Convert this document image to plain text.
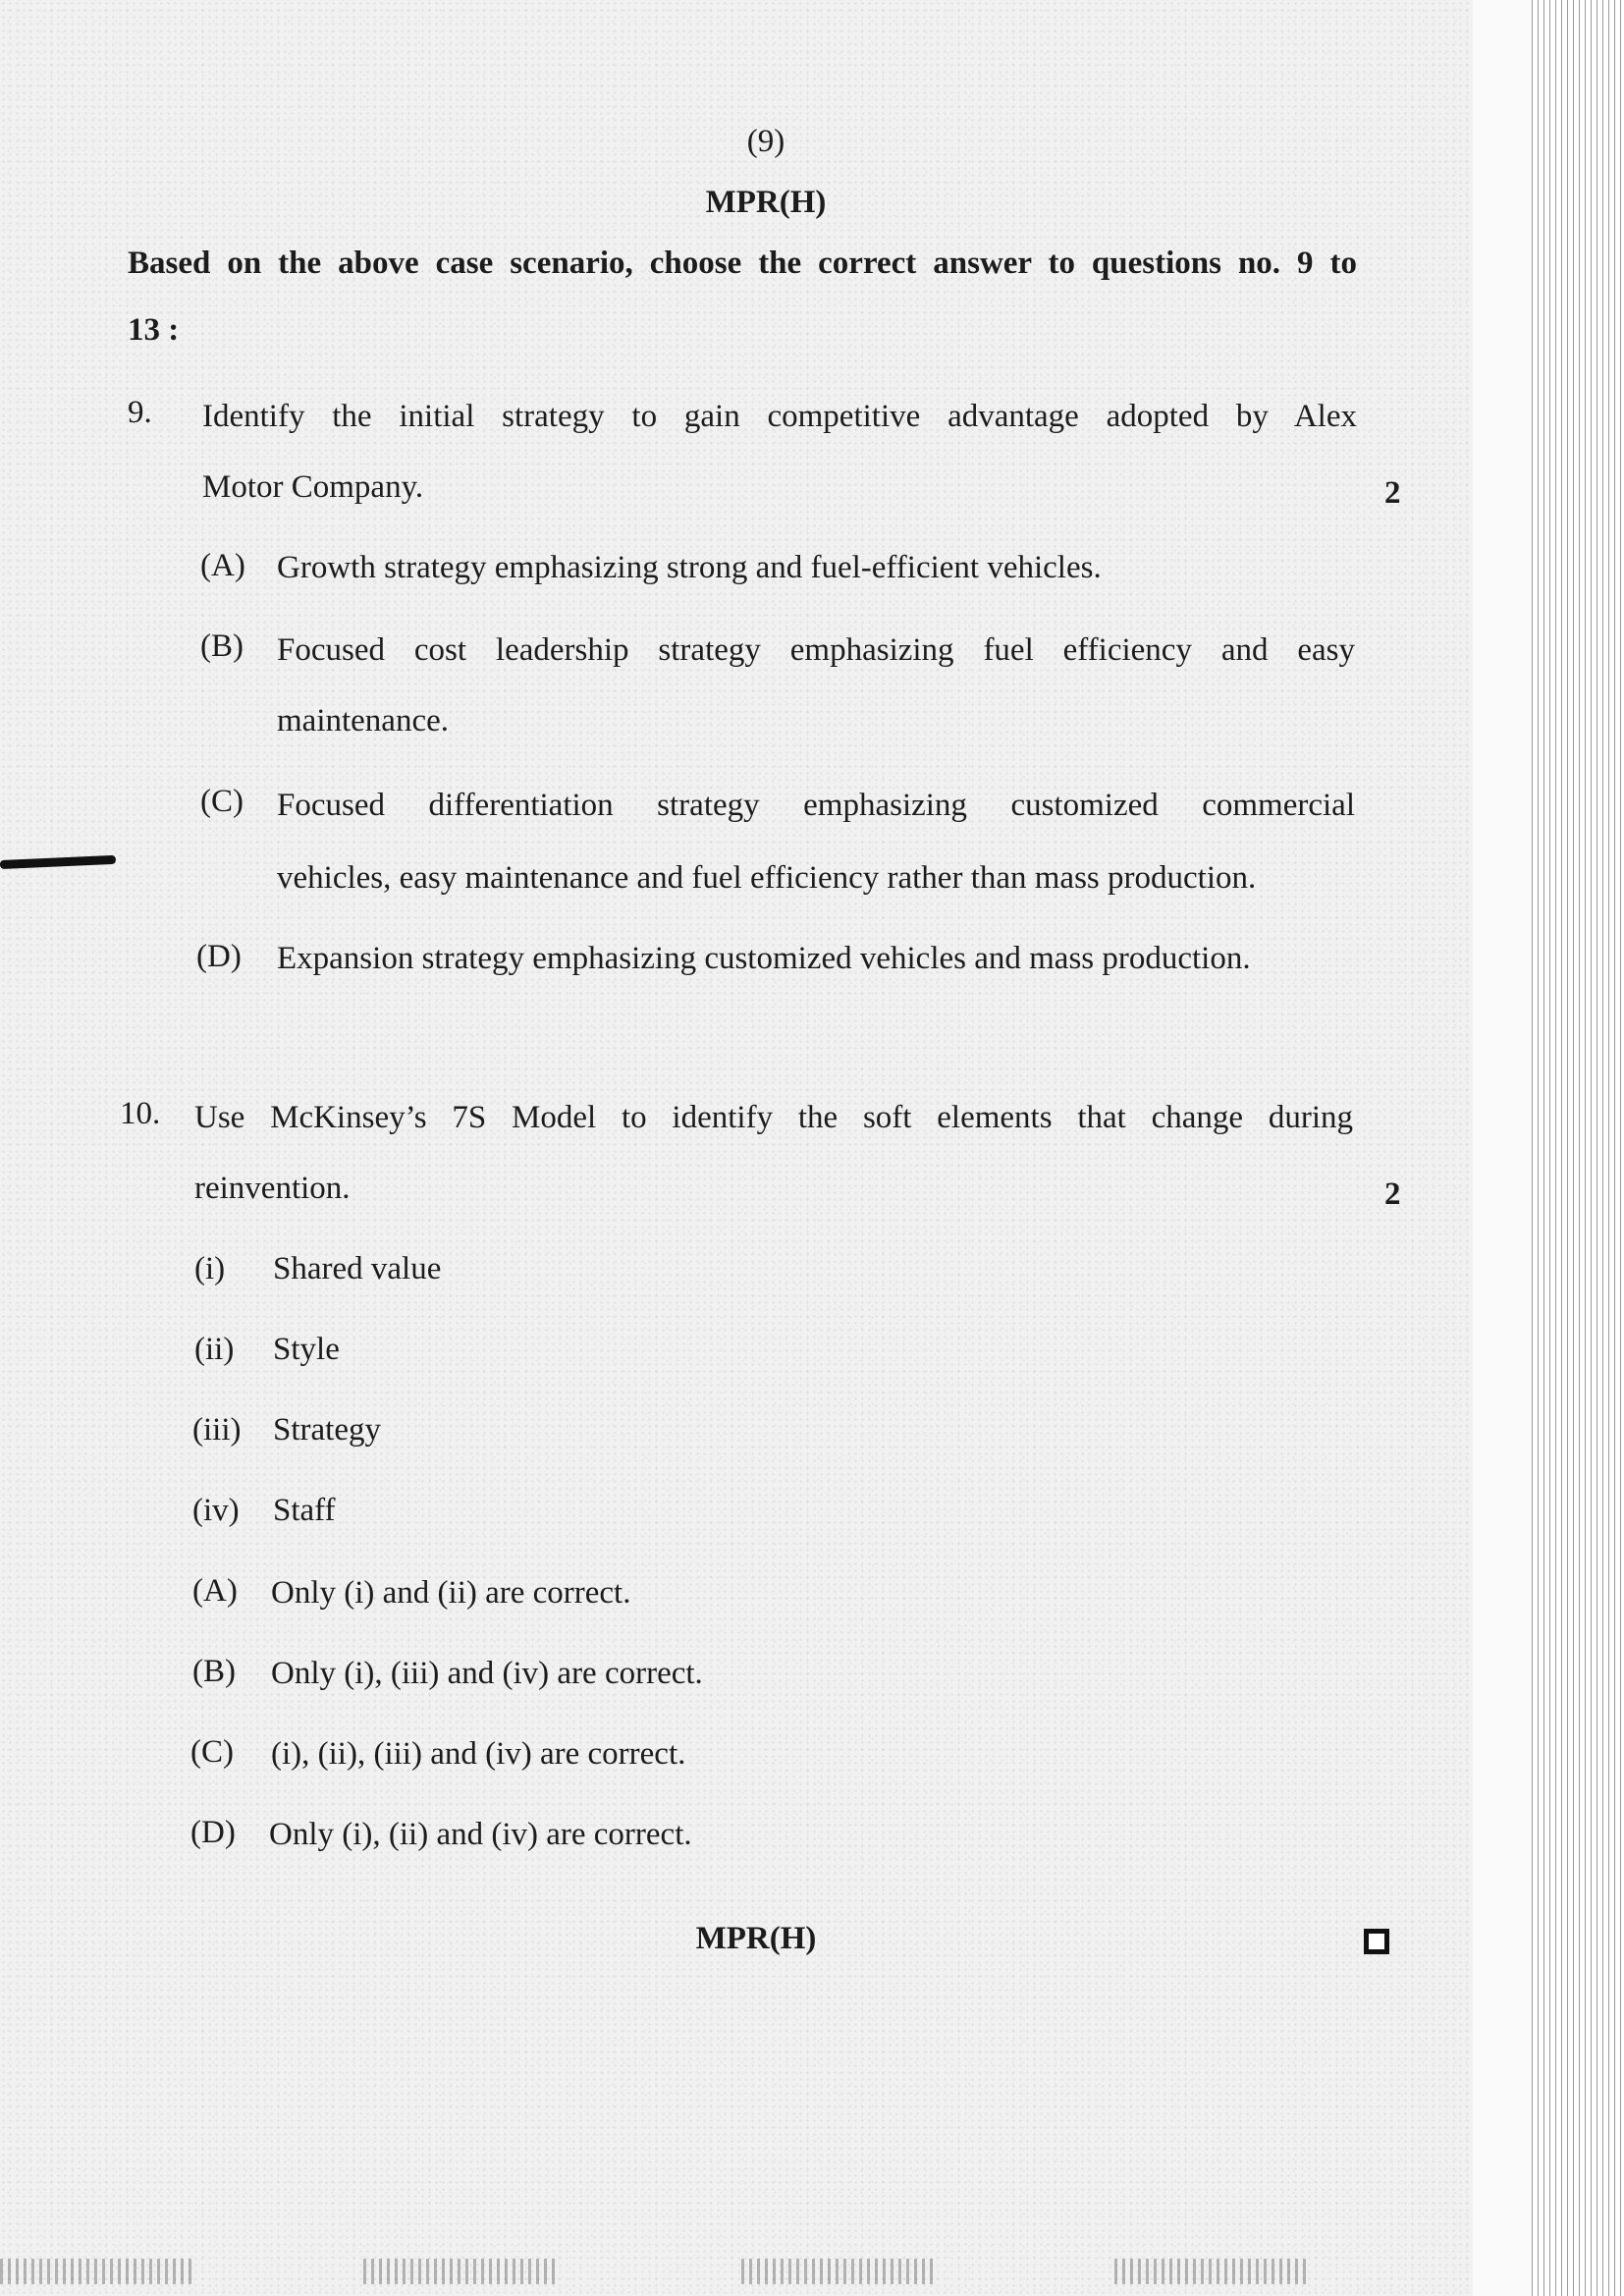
(9)
MPR(H)
Based on the above case scenario, choose the correct answer to questions no. 9 to
13 :
9. Identify the initial strategy to gain competitive advantage adopted by Alex
Motor Company.	2
(A) Growth strategy emphasizing strong and fuel-efficient vehicles.
(B) Focused cost leadership strategy emphasizing fuel efficiency and easy
maintenance.
(C) Focused differentiation strategy emphasizing customized commercial
vehicles, easy maintenance and fuel efficiency rather than mass production.
(D) Expansion strategy emphasizing customized vehicles and mass production.
10. Use McKinsey’s 7S Model to identify the soft elements that change during
reinvention.	2
(i) Shared value
(ii) Style
(iii) Strategy
(iv) Staff
(A) Only (i) and (ii) are correct.
(B) Only (i), (iii) and (iv) are correct.
(C) (i), (ii), (iii) and (iv) are correct.
(D) Only (i), (ii) and (iv) are correct.
MPR(H)
